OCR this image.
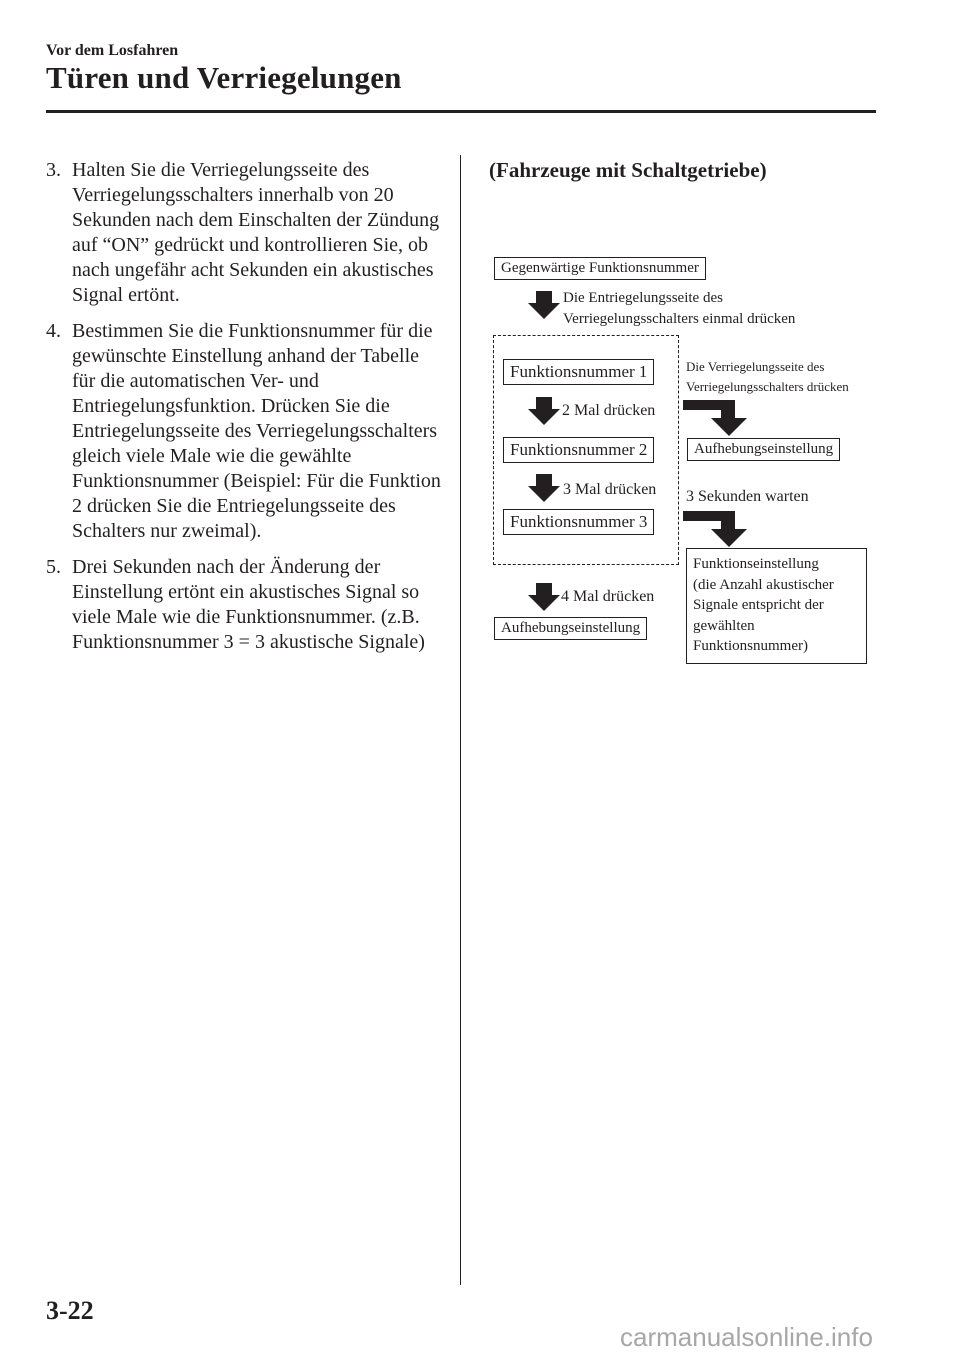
Vor dem Losfahren
Türen und Verriegelungen
3. Halten Sie die Verriegelungsseite des Verriegelungsschalters innerhalb von 20 Sekunden nach dem Einschalten der Zündung auf “ON” gedrückt und kontrollieren Sie, ob nach ungefähr acht Sekunden ein akustisches Signal ertönt.
4. Bestimmen Sie die Funktionsnummer für die gewünschte Einstellung anhand der Tabelle für die automatischen Ver- und Entriegelungsfunktion. Drücken Sie die Entriegelungsseite des Verriegelungsschalters gleich viele Male wie die gewählte Funktionsnummer (Beispiel: Für die Funktion 2 drücken Sie die Entriegelungsseite des Schalters nur zweimal).
5. Drei Sekunden nach der Änderung der Einstellung ertönt ein akustisches Signal so viele Male wie die Funktionsnummer. (z.B. Funktionsnummer 3 = 3 akustische Signale)
(Fahrzeuge mit Schaltgetriebe)
Gegenwärtige Funktionsnummer
Die Entriegelungsseite des
Verriegelungsschalters einmal drücken
Funktionsnummer 1
2 Mal drücken
Funktionsnummer 2
3 Mal drücken
Funktionsnummer 3
4 Mal drücken
Aufhebungseinstellung
Die Verriegelungsseite des
Verriegelungsschalters drücken
Aufhebungseinstellung
3 Sekunden warten
Funktionseinstellung
(die Anzahl akustischer
Signale entspricht der
gewählten
Funktionsnummer)
3-22
carmanualsonline.info
